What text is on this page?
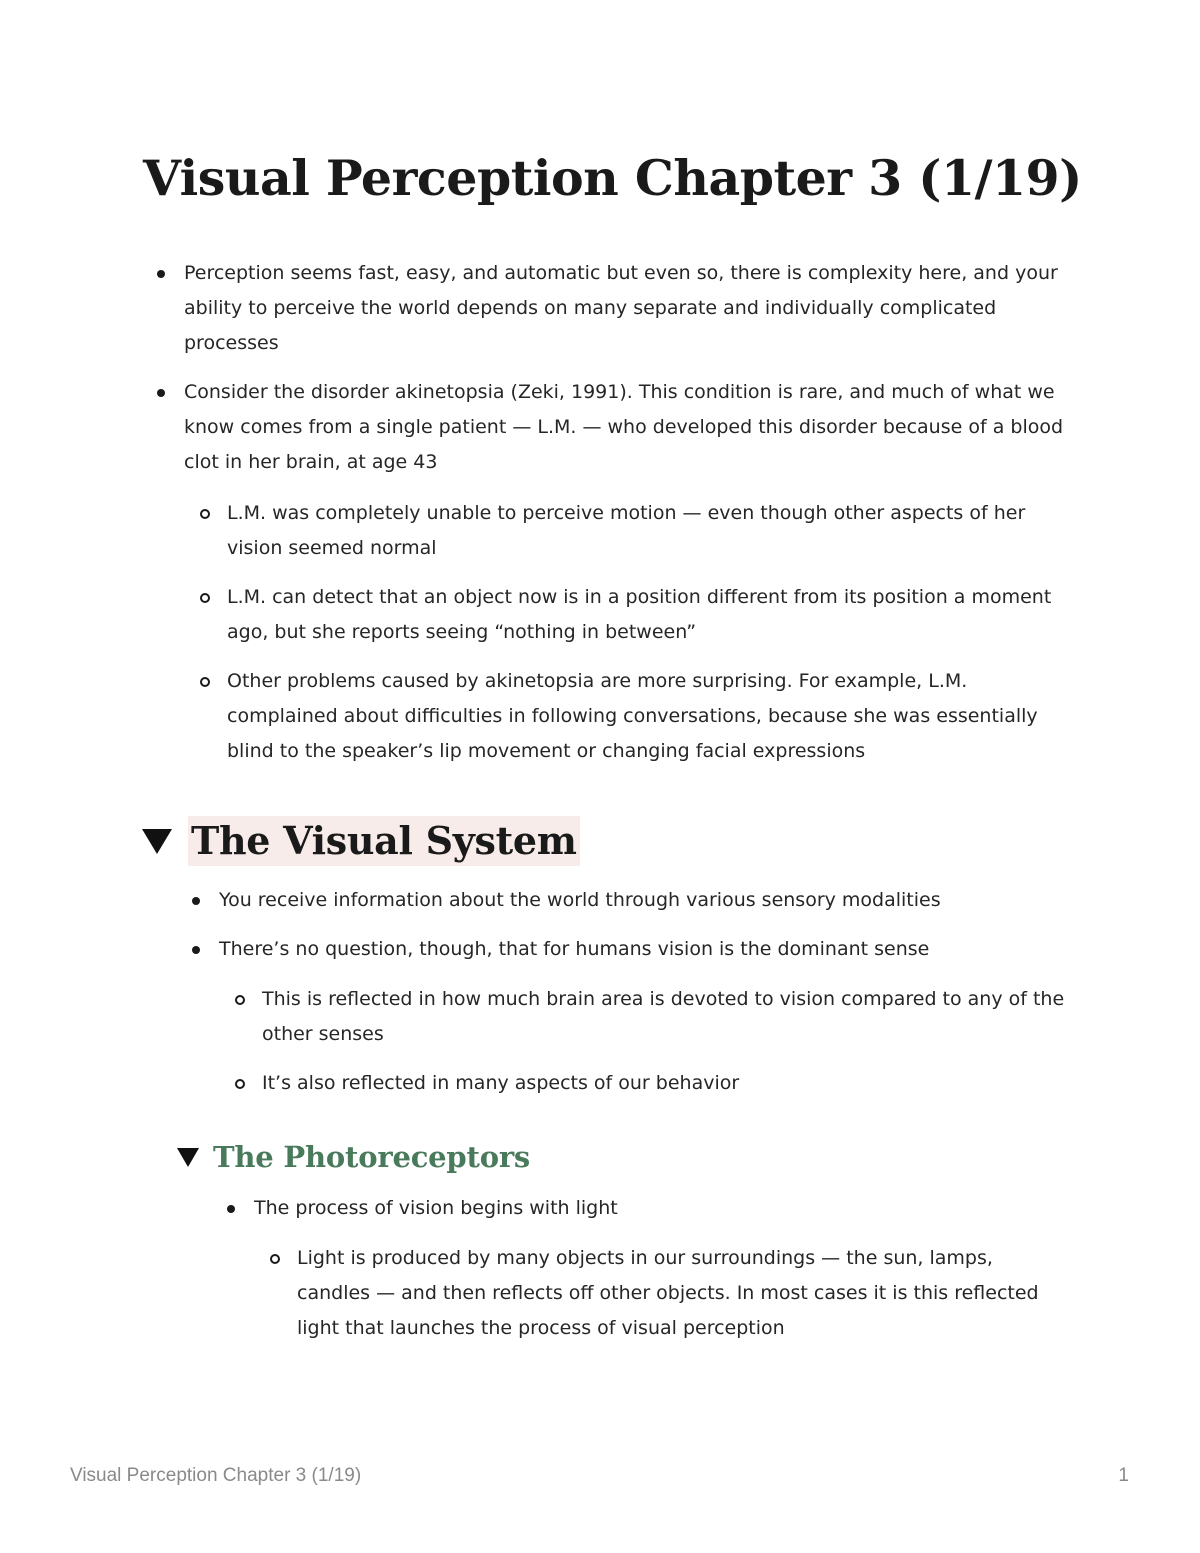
Visual Perception Chapter 3 (1/19)
Perception seems fast, easy, and automatic but even so, there is complexity here, and your ability to perceive the world depends on many separate and individually complicated processes
Consider the disorder akinetopsia (Zeki, 1991). This condition is rare, and much of what we know comes from a single patient — L.M. — who developed this disorder because of a blood clot in her brain, at age 43
L.M. was completely unable to perceive motion — even though other aspects of her vision seemed normal
L.M. can detect that an object now is in a position different from its position a moment ago, but she reports seeing “nothing in between”
Other problems caused by akinetopsia are more surprising. For example, L.M. complained about difficulties in following conversations, because she was essentially blind to the speaker’s lip movement or changing facial expressions
The Visual System
You receive information about the world through various sensory modalities
There’s no question, though, that for humans vision is the dominant sense
This is reflected in how much brain area is devoted to vision compared to any of the other senses
It’s also reflected in many aspects of our behavior
The Photoreceptors
The process of vision begins with light
Light is produced by many objects in our surroundings — the sun, lamps, candles — and then reflects off other objects. In most cases it is this reflected light that launches the process of visual perception
Visual Perception Chapter 3 (1/19)	1
